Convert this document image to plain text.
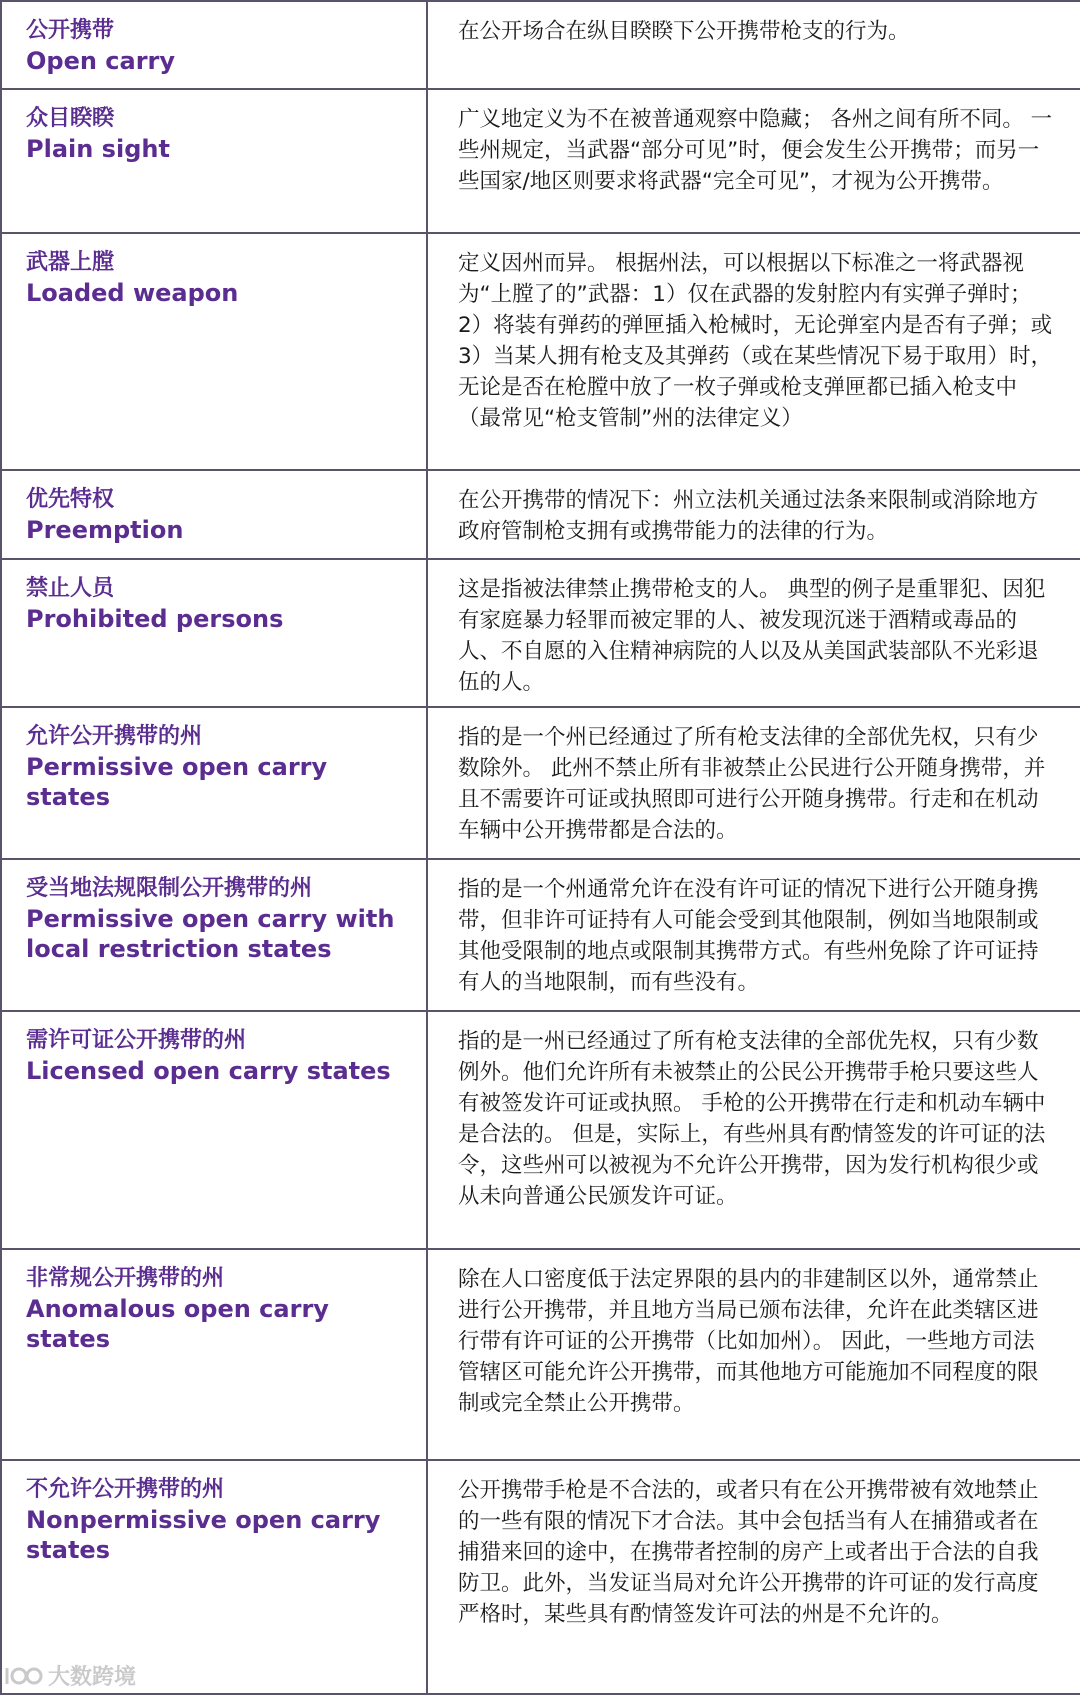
公开携带
Open carry	在公开场合在纵目睽睽下公开携带枪支的行为。

众目睽睽
Plain sight	广义地定义为不在被普通观察中隐藏； 各州之间有所不同。 一些州规定，当武器“部分可见”时，便会发生公开携带；而另一些国家/地区则要求将武器“完全可见”，才视为公开携带。

武器上膛
Loaded weapon	定义因州而异。 根据州法，可以根据以下标准之一将武器视为“上膛了的”武器：1）仅在武器的发射腔内有实弹子弹时； 2）将装有弹药的弹匣插入枪械时，无论弹室内是否有子弹；或3）当某人拥有枪支及其弹药（或在某些情况下易于取用）时，无论是否在枪膛中放了一枚子弹或枪支弹匣都已插入枪支中（最常见“枪支管制”州的法律定义）

优先特权
Preemption	在公开携带的情况下：州立法机关通过法条来限制或消除地方政府管制枪支拥有或携带能力的法律的行为。

禁止人员
Prohibited persons	这是指被法律禁止携带枪支的人。 典型的例子是重罪犯、因犯有家庭暴力轻罪而被定罪的人、被发现沉迷于酒精或毒品的人、不自愿的入住精神病院的人以及从美国武装部队不光彩退伍的人。

允许公开携带的州
Permissive open carry states	指的是一个州已经通过了所有枪支法律的全部优先权，只有少数除外。 此州不禁止所有非被禁止公民进行公开随身携带，并且不需要许可证或执照即可进行公开随身携带。行走和在机动车辆中公开携带都是合法的。

受当地法规限制公开携带的州
Permissive open carry with local restriction states	指的是一个州通常允许在没有许可证的情况下进行公开随身携带，但非许可证持有人可能会受到其他限制，例如当地限制或其他受限制的地点或限制其携带方式。有些州免除了许可证持有人的当地限制，而有些没有。

需许可证公开携带的州
Licensed open carry states	指的是一州已经通过了所有枪支法律的全部优先权，只有少数例外。他们允许所有未被禁止的公民公开携带手枪只要这些人有被签发许可证或执照。 手枪的公开携带在行走和机动车辆中是合法的。 但是，实际上，有些州具有酌情签发的许可证的法令，这些州可以被视为不允许公开携带，因为发行机构很少或从未向普通公民颁发许可证。

非常规公开携带的州
Anomalous open carry states	除在人口密度低于法定界限的县内的非建制区以外，通常禁止进行公开携带，并且地方当局已颁布法律，允许在此类辖区进行带有许可证的公开携带（比如加州）。 因此，一些地方司法管辖区可能允许公开携带，而其他地方可能施加不同程度的限制或完全禁止公开携带。

不允许公开携带的州
Nonpermissive open carry states	公开携带手枪是不合法的，或者只有在公开携带被有效地禁止的一些有限的情况下才合法。其中会包括当有人在捕猎或者在捕猎来回的途中，在携带者控制的房产上或者出于合法的自我防卫。此外，当发证当局对允许公开携带的许可证的发行高度严格时，某些具有酌情签发许可法的州是不允许的。
大数跨境
